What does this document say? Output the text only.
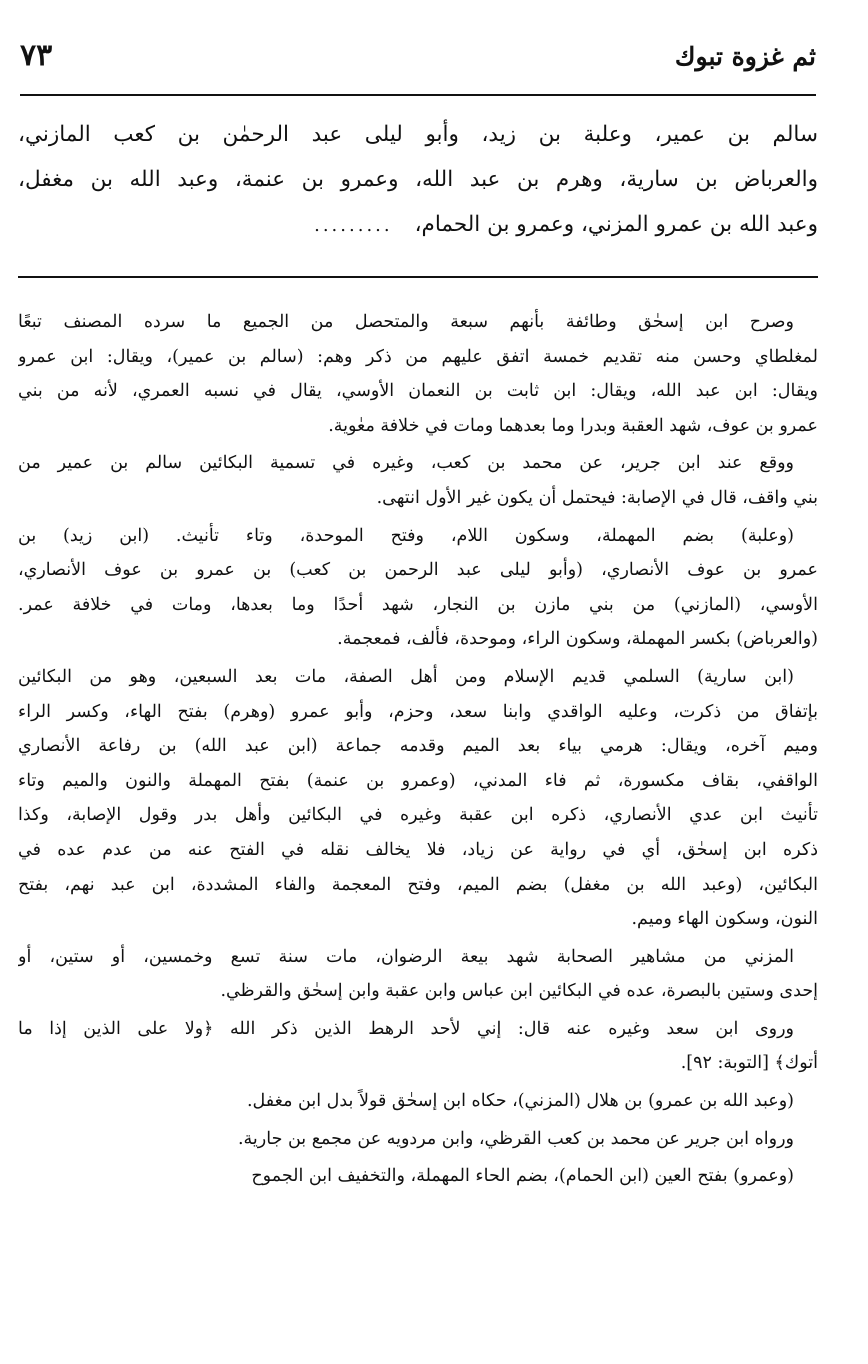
ثم غزوة تبوك
٧٣
سالم بن عمير، وعلبة بن زيد، وأبو ليلى عبد الرحمٰن بن كعب المازني،
والعرباض بن سارية، وهرم بن عبد الله، وعمرو بن عنمة، وعبد الله بن مغفل،
وعبد الله بن عمرو المزني، وعمرو بن الحمام،.........
وصرح ابن إسحٰق وطائفة بأنهم سبعة والمتحصل من الجميع ما سرده المصنف تبعًا
لمغلطاي وحسن منه تقديم خمسة اتفق عليهم من ذكر وهم: (سالم بن عمير)، ويقال: ابن عمرو
ويقال: ابن عبد الله، ويقال: ابن ثابت بن النعمان الأوسي، يقال في نسبه العمري، لأنه من بني
عمرو بن عوف، شهد العقبة وبدرا وما بعدهما ومات في خلافة معٰوية.
ووقع عند ابن جرير، عن محمد بن كعب، وغيره في تسمية البكائين سالم بن عمير من
بني واقف، قال في الإصابة: فيحتمل أن يكون غير الأول انتهى.
(وعلبة) بضم المهملة، وسكون اللام، وفتح الموحدة، وتاء تأنيث. (ابن زيد) بن
عمرو بن عوف الأنصاري، (وأبو ليلى عبد الرحمن بن كعب) بن عمرو بن عوف الأنصاري،
الأوسي، (المازني) من بني مازن بن النجار، شهد أحدًا وما بعدها، ومات في خلافة عمر.
(والعرباض) بكسر المهملة، وسكون الراء، وموحدة، فألف، فمعجمة.
(ابن سارية) السلمي قديم الإسلام ومن أهل الصفة، مات بعد السبعين، وهو من البكائين
بإتفاق من ذكرت، وعليه الواقدي وابنا سعد، وحزم، وأبو عمرو (وهرم) بفتح الهاء، وكسر الراء
وميم آخره، ويقال: هرمي بياء بعد الميم وقدمه جماعة (ابن عبد الله) بن رفاعة الأنصاري
الواقفي، بقاف مكسورة، ثم فاء المدني، (وعمرو بن عنمة) بفتح المهملة والنون والميم وتاء
تأنيث ابن عدي الأنصاري، ذكره ابن عقبة وغيره في البكائين وأهل بدر وقول الإصابة، وكذا
ذكره ابن إسحٰق، أي في رواية عن زياد، فلا يخالف نقله في الفتح عنه من عدم عده في
البكائين، (وعبد الله بن مغفل) بضم الميم، وفتح المعجمة والفاء المشددة، ابن عبد نهم، بفتح
النون، وسكون الهاء وميم.
المزني من مشاهير الصحابة شهد بيعة الرضوان، مات سنة تسع وخمسين، أو ستين، أو
إحدى وستين بالبصرة، عده في البكائين ابن عباس وابن عقبة وابن إسحٰق والقرظي.
وروى ابن سعد وغيره عنه قال: إني لأحد الرهط الذين ذكر الله ﴿ولا على الذين إذا ما
أتوك﴾ [التوبة: ٩٢].
(وعبد الله بن عمرو) بن هلال (المزني)، حكاه ابن إسحٰق قولاً بدل ابن مغفل.
ورواه ابن جرير عن محمد بن كعب القرظي، وابن مردويه عن مجمع بن جارية.
(وعمرو) بفتح العين (ابن الحمام)، بضم الحاء المهملة، والتخفيف ابن الجموح
